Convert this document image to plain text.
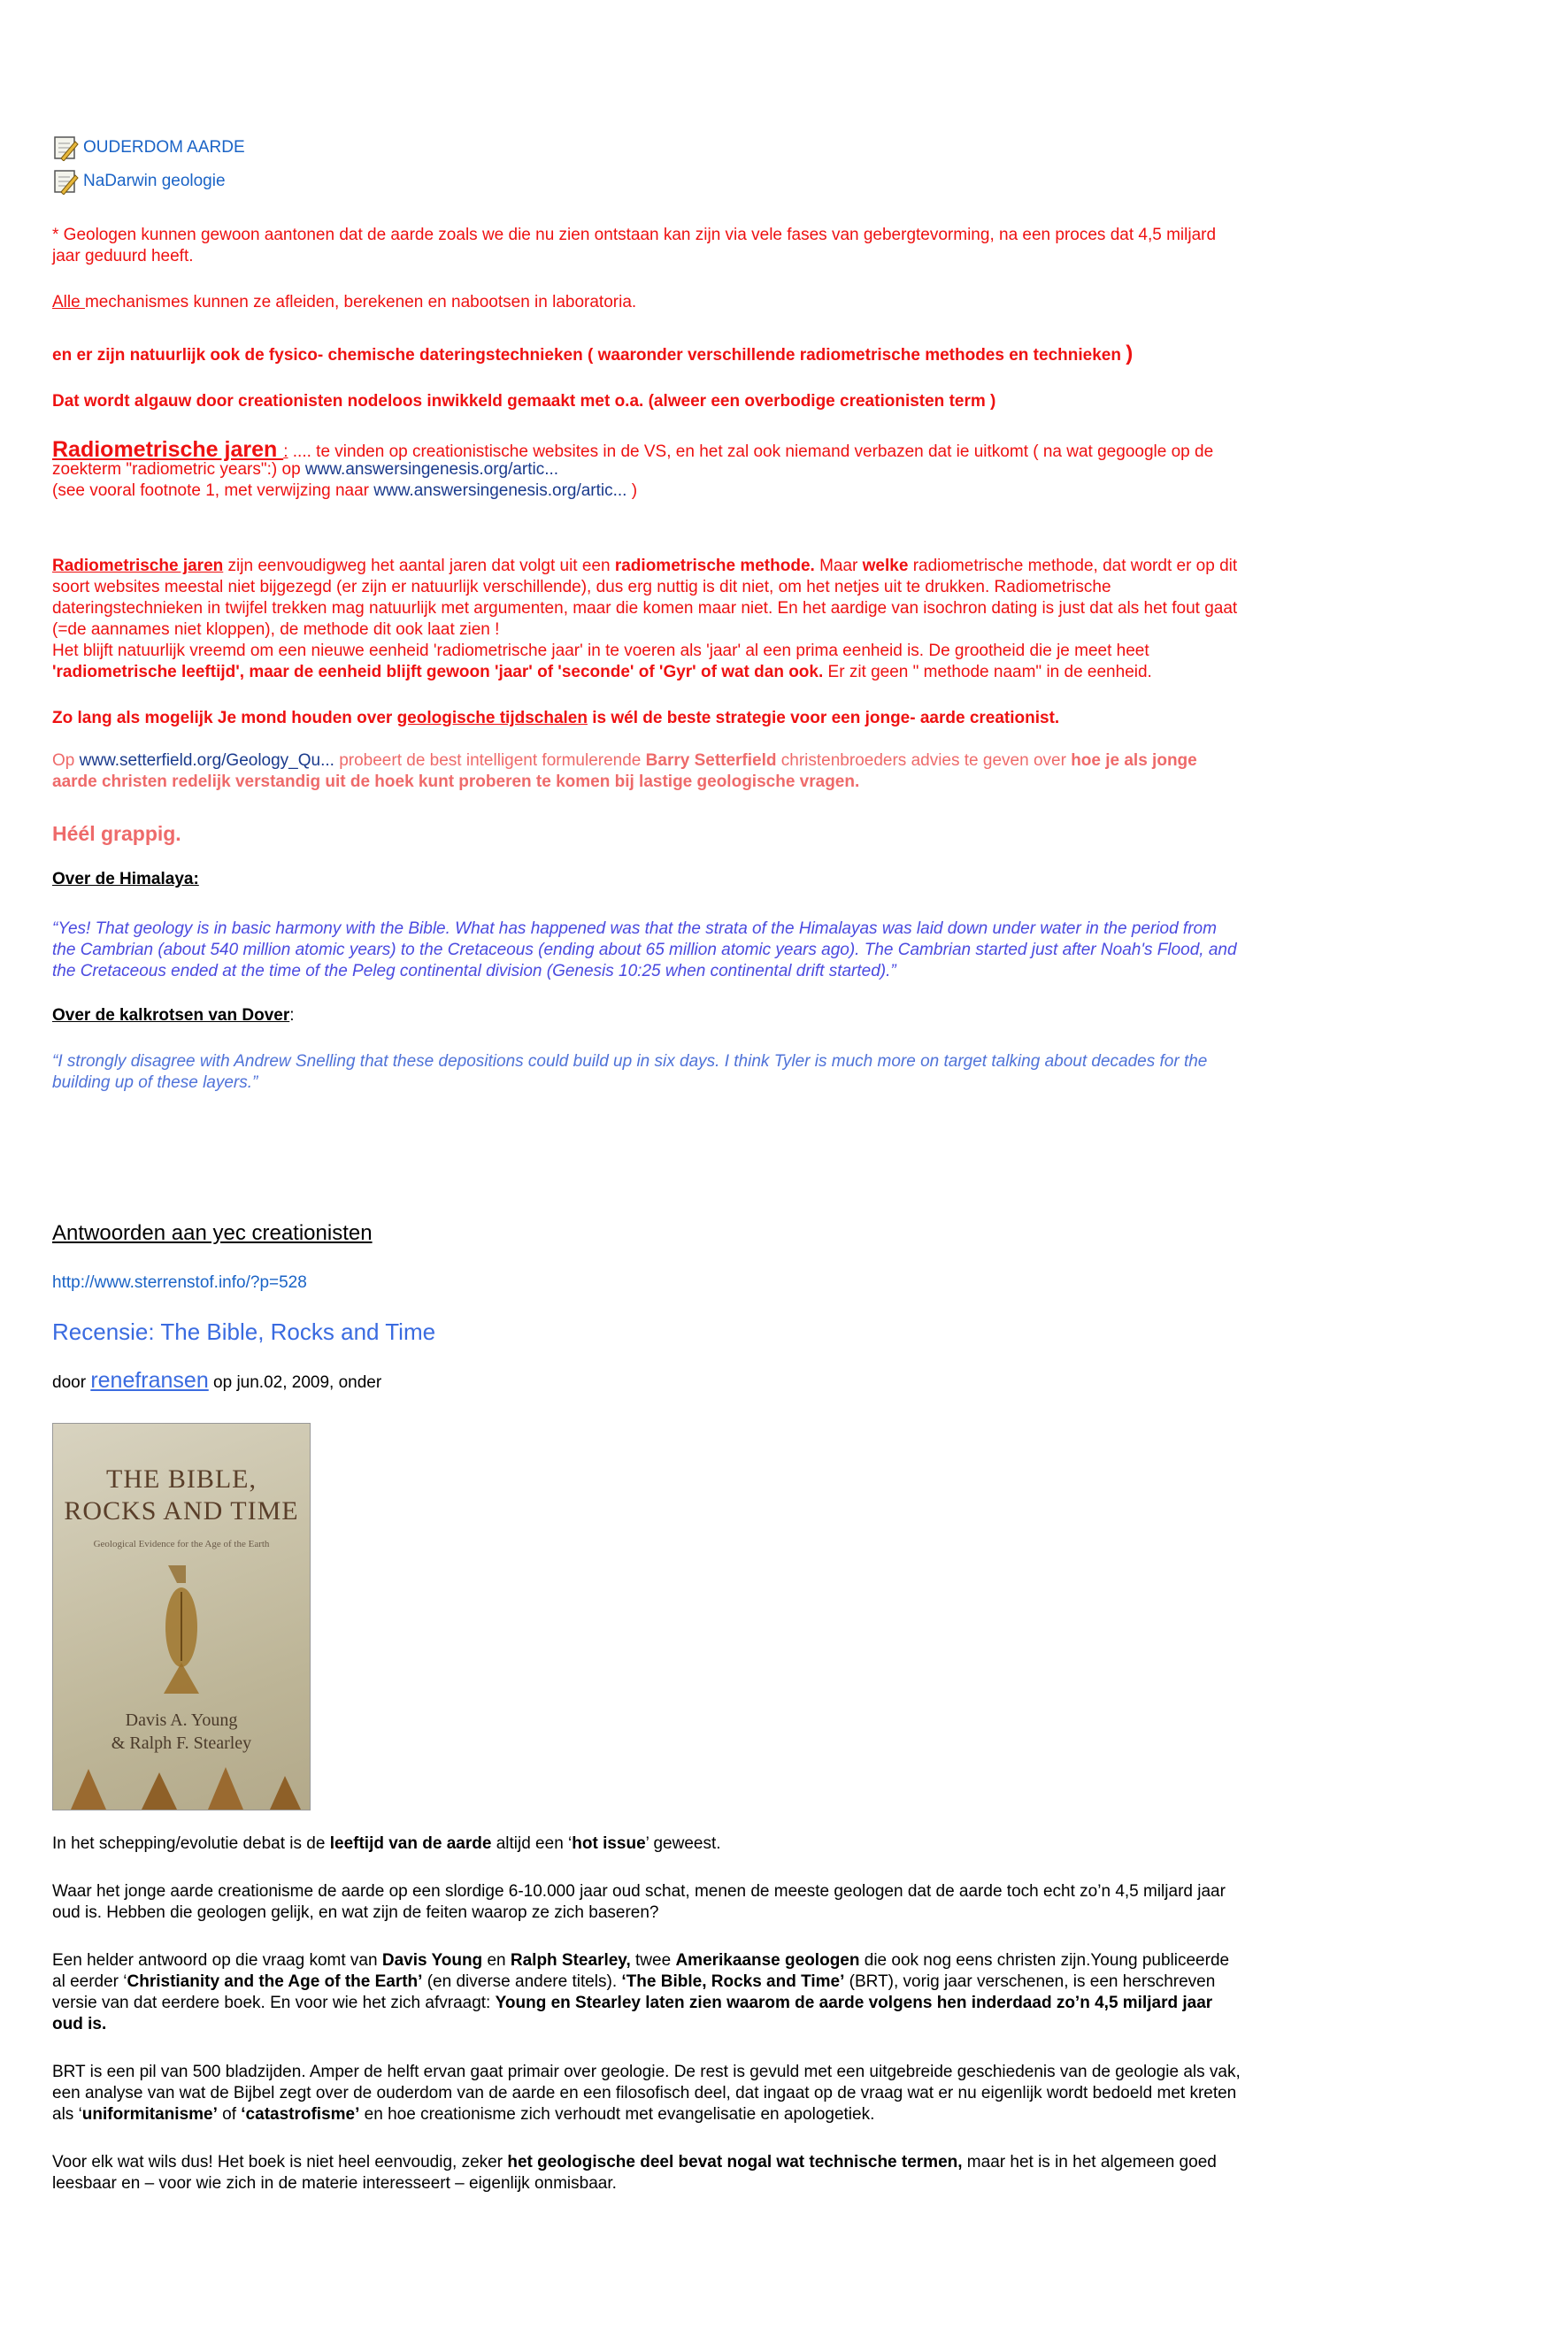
OUDERDOM AARDE
NaDarwin geologie
* Geologen kunnen gewoon aantonen dat de aarde zoals we die nu zien ontstaan kan zijn via vele fases van gebergtevorming, na een proces dat 4,5 miljard
jaar geduurd heeft.
Alle mechanismes kunnen ze afleiden, berekenen en nabootsen in laboratoria.
en er zijn natuurlijk ook de fysico- chemische dateringstechnieken ( waaronder verschillende radiometrische methodes en technieken )
Dat wordt algauw door creationisten nodeloos inwikkeld gemaakt met o.a. (alweer een overbodige creationisten term )
Radiometrische jaren : .... te vinden op creationistische websites in de VS, en het zal ook niemand verbazen dat ie uitkomt ( na wat gegoogle op de
zoekterm "radiometric years":) op www.answersingenesis.org/artic...
(see vooral footnote 1, met verwijzing naar www.answersingenesis.org/artic... )
Radiometrische jaren zijn eenvoudigweg het aantal jaren dat volgt uit een radiometrische methode. Maar welke radiometrische methode, dat wordt er op dit
soort websites meestal niet bijgezegd (er zijn er natuurlijk verschillende), dus erg nuttig is dit niet, om het netjes uit te drukken. Radiometrische
dateringstechnieken in twijfel trekken mag natuurlijk met argumenten, maar die komen maar niet. En het aardige van isochron dating is just dat als het fout gaat
(=de aannames niet kloppen), de methode dit ook laat zien !
Het blijft natuurlijk vreemd om een nieuwe eenheid 'radiometrische jaar' in te voeren als 'jaar' al een prima eenheid is. De grootheid die je meet heet
'radiometrische leeftijd', maar de eenheid blijft gewoon 'jaar' of 'seconde' of 'Gyr' of wat dan ook. Er zit geen " methode naam" in de eenheid.
Zo lang als mogelijk Je mond houden over geologische tijdschalen is wél de beste strategie voor een jonge- aarde creationist.
Op www.setterfield.org/Geology_Qu... probeert de best intelligent formulerende Barry Setterfield christenbroeders advies te geven over hoe je als jonge
aarde christen redelijk verstandig uit de hoek kunt proberen te komen bij lastige geologische vragen.
Héél grappig.
Over de Himalaya:
“Yes! That geology is in basic harmony with the Bible. What has happened was that the strata of the Himalayas was laid down under water in the period from
the Cambrian (about 540 million atomic years) to the Cretaceous (ending about 65 million atomic years ago). The Cambrian started just after Noah's Flood, and
the Cretaceous ended at the time of the Peleg continental division (Genesis 10:25 when continental drift started).”
Over de kalkrotsen van Dover:
“I strongly disagree with Andrew Snelling that these depositions could build up in six days. I think Tyler is much more on target talking about decades for the
building up of these layers.”
Antwoorden aan yec creationisten
http://www.sterrenstof.info/?p=528
Recensie: The Bible, Rocks and Time
door renefransen op jun.02, 2009, onder
THE BIBLE,
ROCKS AND TIME
Geological Evidence for the Age of the Earth
Davis A. Young
& Ralph F. Stearley
In het schepping/evolutie debat is de leeftijd van de aarde altijd een ‘hot issue’ geweest.
Waar het jonge aarde creationisme de aarde op een slordige 6-10.000 jaar oud schat, menen de meeste geologen dat de aarde toch echt zo’n 4,5 miljard jaar
oud is. Hebben die geologen gelijk, en wat zijn de feiten waarop ze zich baseren?
Een helder antwoord op die vraag komt van Davis Young en Ralph Stearley, twee Amerikaanse geologen die ook nog eens christen zijn.Young publiceerde
al eerder ‘Christianity and the Age of the Earth’ (en diverse andere titels). ‘The Bible, Rocks and Time’ (BRT), vorig jaar verschenen, is een herschreven
versie van dat eerdere boek. En voor wie het zich afvraagt: Young en Stearley laten zien waarom de aarde volgens hen inderdaad zo’n 4,5 miljard jaar
oud is.
BRT is een pil van 500 bladzijden. Amper de helft ervan gaat primair over geologie. De rest is gevuld met een uitgebreide geschiedenis van de geologie als vak,
een analyse van wat de Bijbel zegt over de ouderdom van de aarde en een filosofisch deel, dat ingaat op de vraag wat er nu eigenlijk wordt bedoeld met kreten
als ‘uniformitanisme’ of ‘catastrofisme’ en hoe creationisme zich verhoudt met evangelisatie en apologetiek.
Voor elk wat wils dus! Het boek is niet heel eenvoudig, zeker het geologische deel bevat nogal wat technische termen, maar het is in het algemeen goed
leesbaar en – voor wie zich in de materie interesseert – eigenlijk onmisbaar.
